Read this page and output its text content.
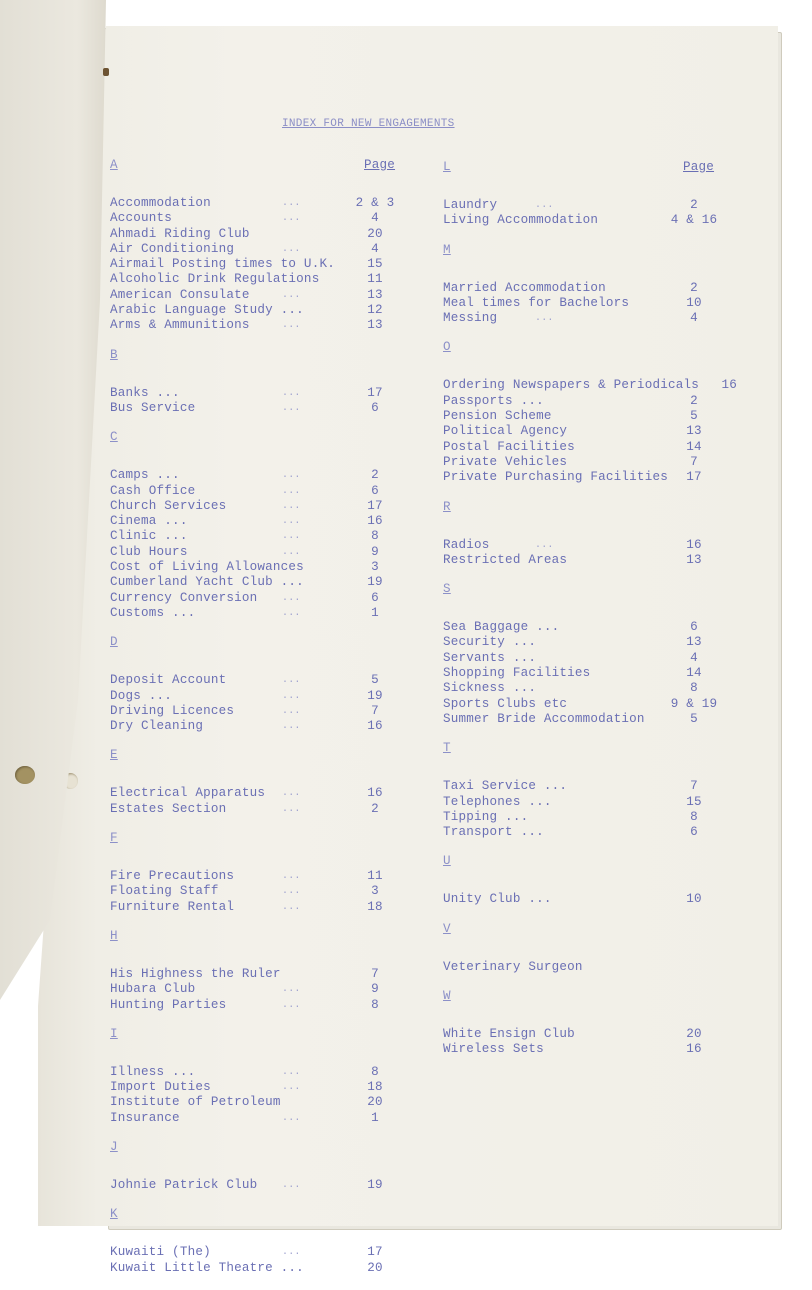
INDEX FOR NEW ENGAGEMENTS
A	Page
Accommodation	...	2 & 3
Accounts	...	4
Ahmadi Riding Club	20
Air Conditioning	...	4
Airmail Posting times to U.K.	15
Alcoholic Drink Regulations	11
American Consulate	...	13
Arabic Language Study ...	12
Arms & Ammunitions	...	13
B
Banks ...	...	17
Bus Service	...	6
C
Camps ...	...	2
Cash Office	...	6
Church Services	...	17
Cinema ...	...	16
Clinic ...	...	8
Club Hours	...	9
Cost of Living Allowances	3
Cumberland Yacht Club ...	19
Currency Conversion ...	6
Customs ...	...	1
D
Deposit Account	...	5
Dogs ...	...	19
Driving Licences	...	7
Dry Cleaning	...	16
E
Electrical Apparatus ...	16
Estates Section	...	2
F
Fire Precautions	...	11
Floating Staff	...	3
Furniture Rental	...	18
H
His Highness the Ruler	7
Hubara Club	...	9
Hunting Parties	...	8
I
Illness ...	...	8
Import Duties	...	18
Institute of Petroleum	20
Insurance	...	1
J
Johnie Patrick Club ...	19
K
Kuwaiti (The)	...	17
Kuwait Little Theatre ...	20
L	Page
Laundry	...	2
Living Accommodation	4 & 16
M
Married Accommodation	2
Meal times for Bachelors	10
Messing	...	4
O
Ordering Newspapers & Periodicals	16
Passports ...	2
Pension Scheme	5
Political Agency	13
Postal Facilities	14
Private Vehicles	7
Private Purchasing Facilities	17
R
Radios	...	16
Restricted Areas	13
S
Sea Baggage ...	6
Security ...	13
Servants ...	4
Shopping Facilities	14
Sickness ...	8
Sports Clubs etc	9 & 19
Summer Bride Accommodation	5
T
Taxi Service ...	7
Telephones ...	15
Tipping ...	8
Transport ...	6
U
Unity Club ...	10
V
Veterinary Surgeon
W
White Ensign Club	20
Wireless Sets	16
